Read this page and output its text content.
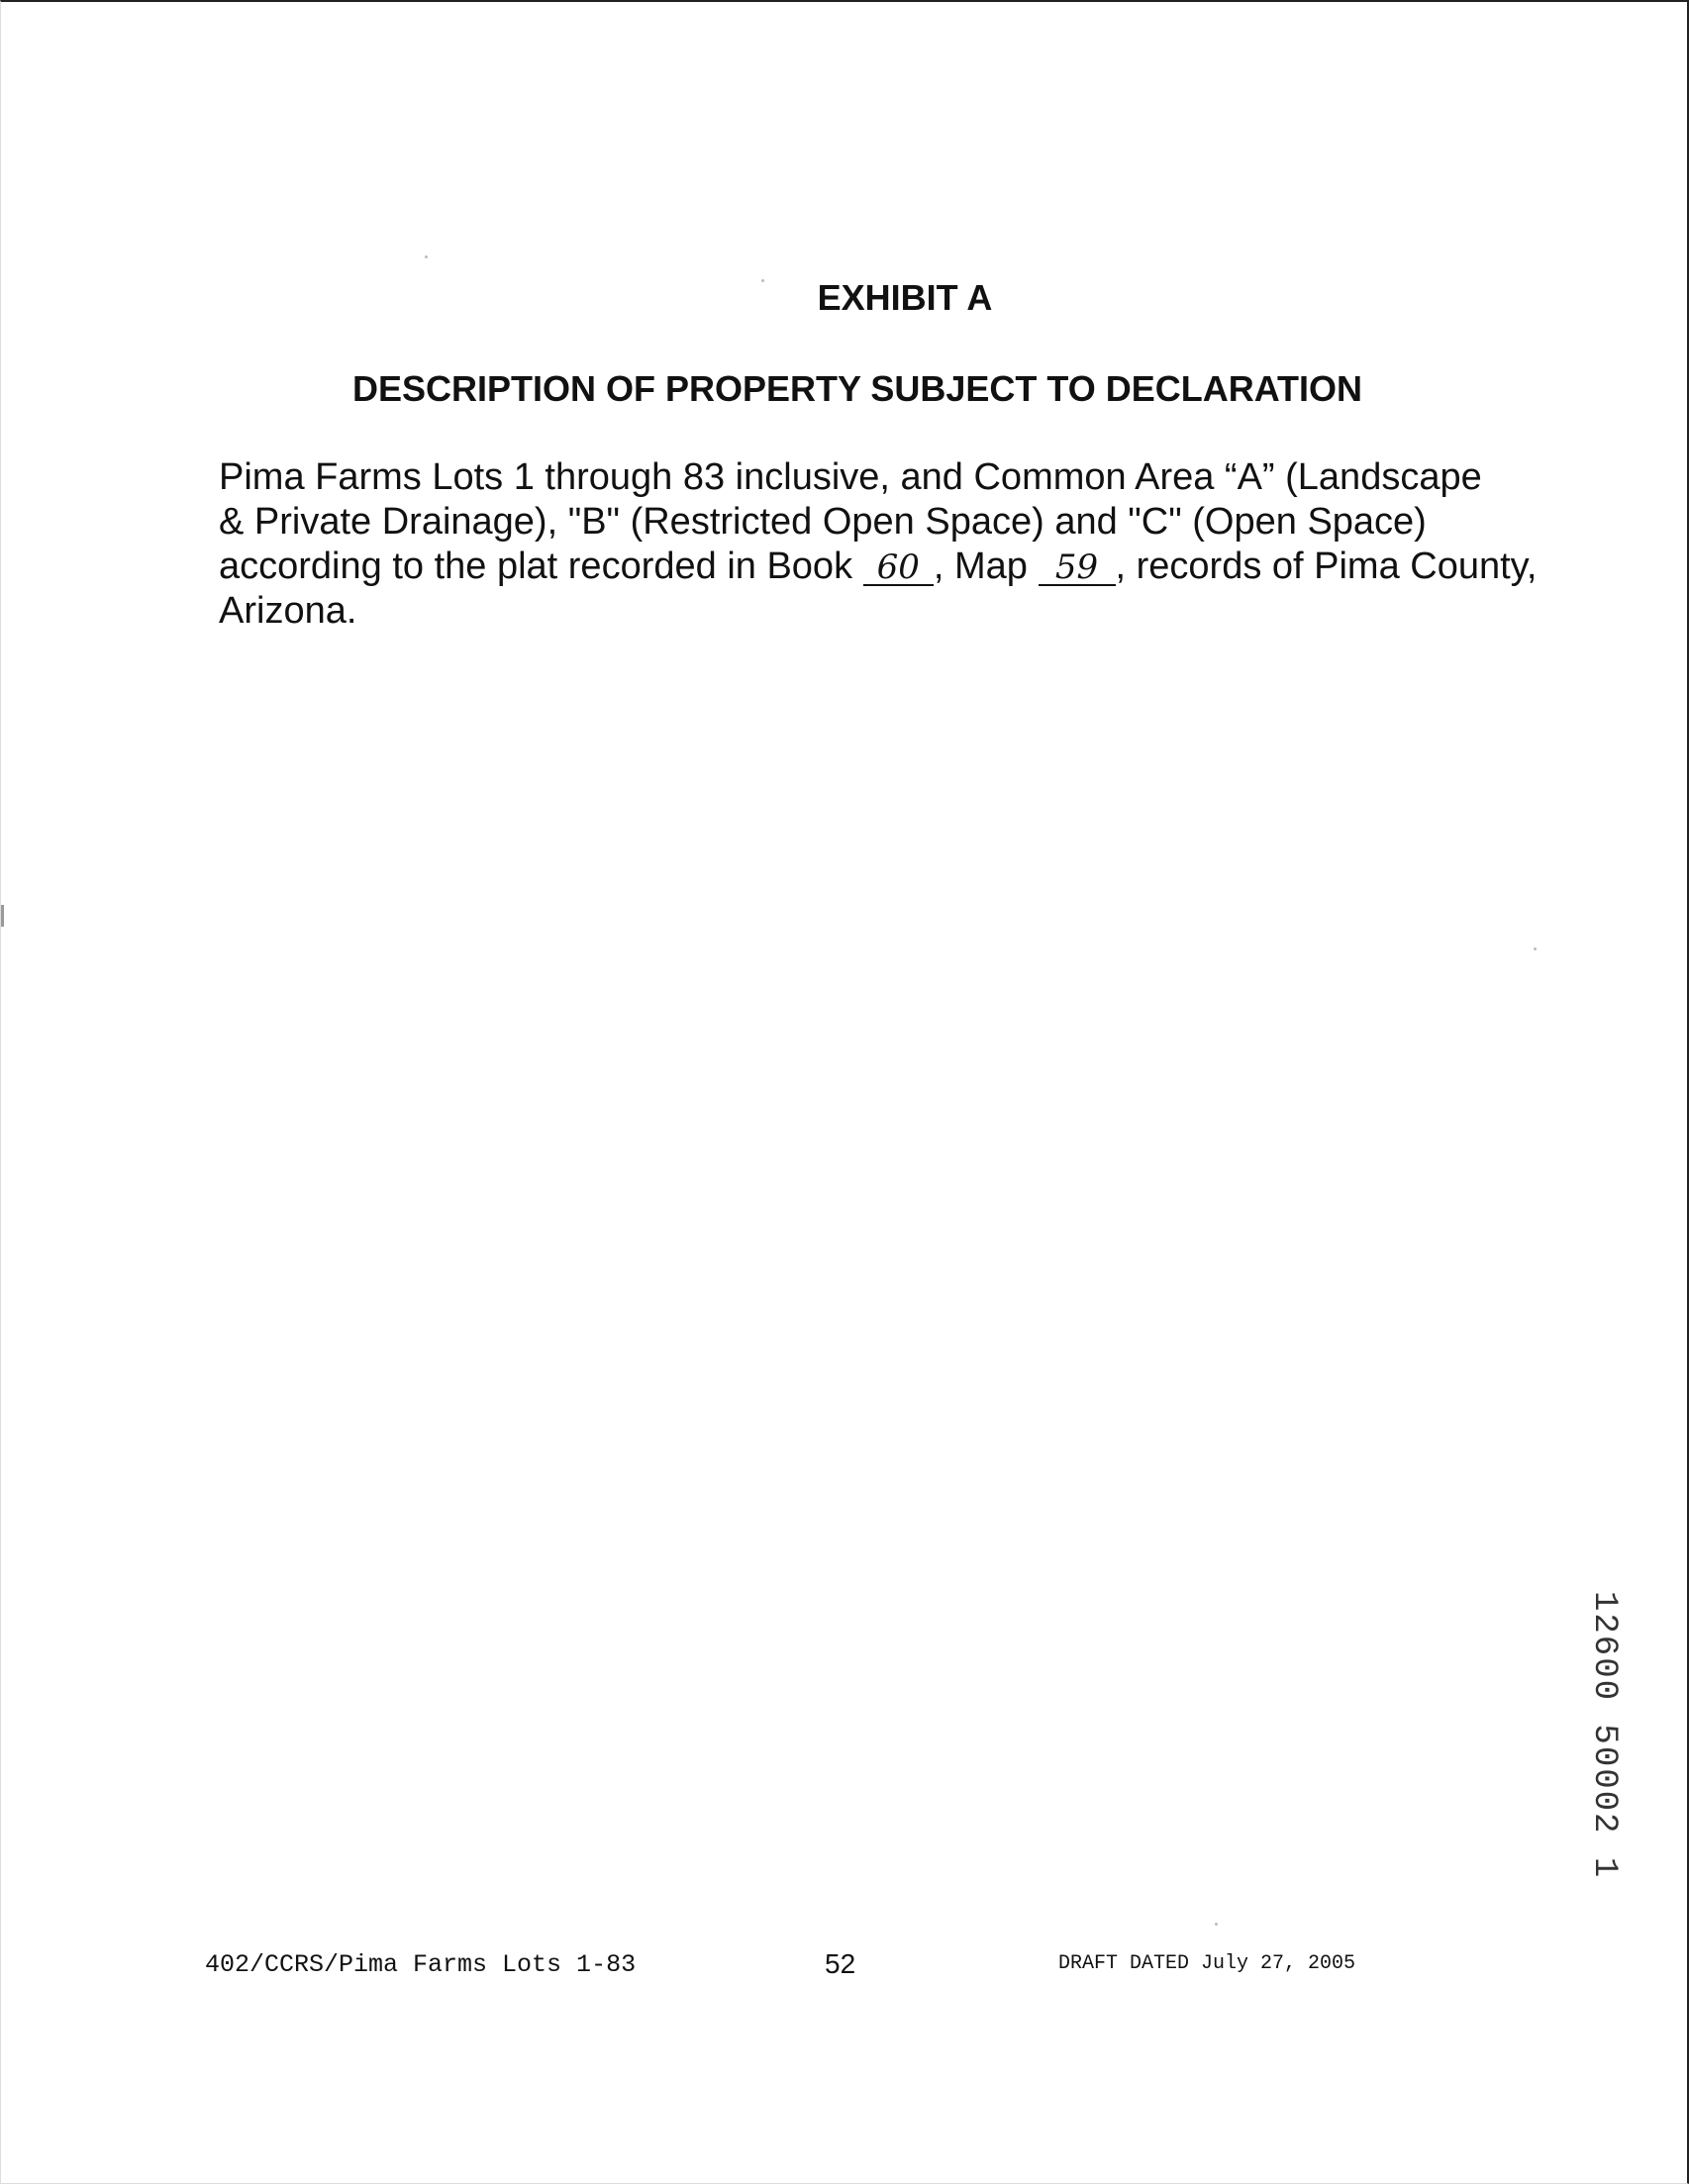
EXHIBIT A
DESCRIPTION OF PROPERTY SUBJECT TO DECLARATION
Pima Farms Lots 1 through 83 inclusive, and Common Area “A” (Landscape
& Private Drainage), "B" (Restricted Open Space) and "C" (Open Space)
according to the plat recorded in Book 60 , Map 59 , records of Pima County,
Arizona.
402/CCRS/Pima Farms Lots 1-83	52	DRAFT DATED July 27, 2005
12600 50002 1
